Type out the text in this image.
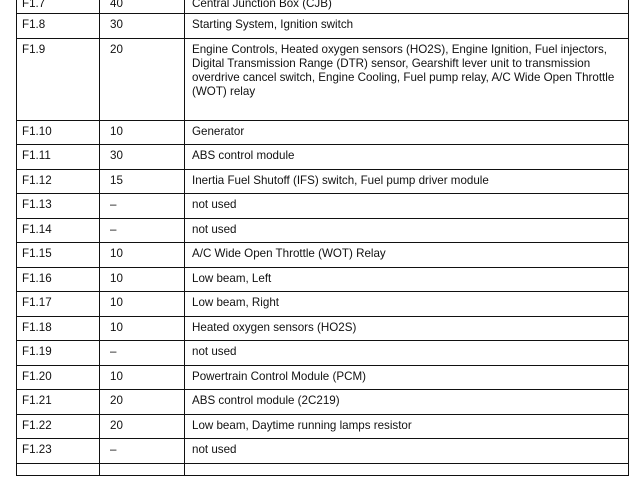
F1.7	40	Central Junction Box (CJB)
F1.8	30	Starting System, Ignition switch
F1.9	20	Engine Controls, Heated oxygen sensors (HO2S), Engine Ignition, Fuel injectors, Digital Transmission Range (DTR) sensor, Gearshift lever unit to transmission overdrive cancel switch, Engine Cooling, Fuel pump relay, A/C Wide Open Throttle (WOT) relay
F1.10	10	Generator
F1.11	30	ABS control module
F1.12	15	Inertia Fuel Shutoff (IFS) switch, Fuel pump driver module
F1.13	–	not used
F1.14	–	not used
F1.15	10	A/C Wide Open Throttle (WOT) Relay
F1.16	10	Low beam, Left
F1.17	10	Low beam, Right
F1.18	10	Heated oxygen sensors (HO2S)
F1.19	–	not used
F1.20	10	Powertrain Control Module (PCM)
F1.21	20	ABS control module (2C219)
F1.22	20	Low beam, Daytime running lamps resistor
F1.23	–	not used
